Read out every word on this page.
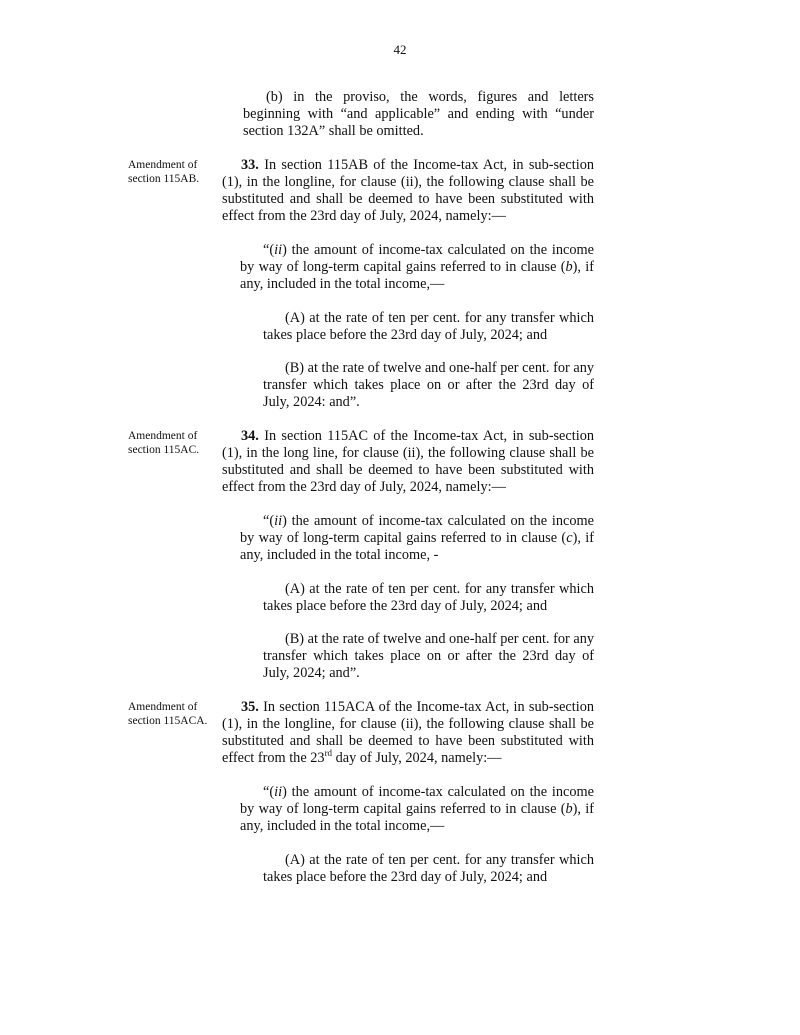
42

(b) in the proviso, the words, figures and letters beginning with “and applicable” and ending with “under section 132A” shall be omitted.

Amendment of section 115AB.

33. In section 115AB of the Income-tax Act, in sub-section (1), in the longline, for clause (ii), the following clause shall be substituted and shall be deemed to have been substituted with effect from the 23rd day of July, 2024, namely:—

“(ii) the amount of income-tax calculated on the income by way of long-term capital gains referred to in clause (b), if any, included in the total income,—

(A) at the rate of ten per cent. for any transfer which takes place before the 23rd day of July, 2024; and

(B) at the rate of twelve and one-half per cent. for any transfer which takes place on or after the 23rd day of July, 2024: and”.

Amendment of section 115AC.

34. In section 115AC of the Income-tax Act, in sub-section (1), in the long line, for clause (ii), the following clause shall be substituted and shall be deemed to have been substituted with effect from the 23rd day of July, 2024, namely:—

“(ii) the amount of income-tax calculated on the income by way of long-term capital gains referred to in clause (c), if any, included in the total income, -

(A) at the rate of ten per cent. for any transfer which takes place before the 23rd day of July, 2024; and

(B) at the rate of twelve and one-half per cent. for any transfer which takes place on or after the 23rd day of July, 2024; and”.

Amendment of section 115ACA.

35. In section 115ACA of the Income-tax Act, in sub-section (1), in the longline, for clause (ii), the following clause shall be substituted and shall be deemed to have been substituted with effect from the 23rd day of July, 2024, namely:—

“(ii) the amount of income-tax calculated on the income by way of long-term capital gains referred to in clause (b), if any, included in the total income,—

(A) at the rate of ten per cent. for any transfer which takes place before the 23rd day of July, 2024; and
